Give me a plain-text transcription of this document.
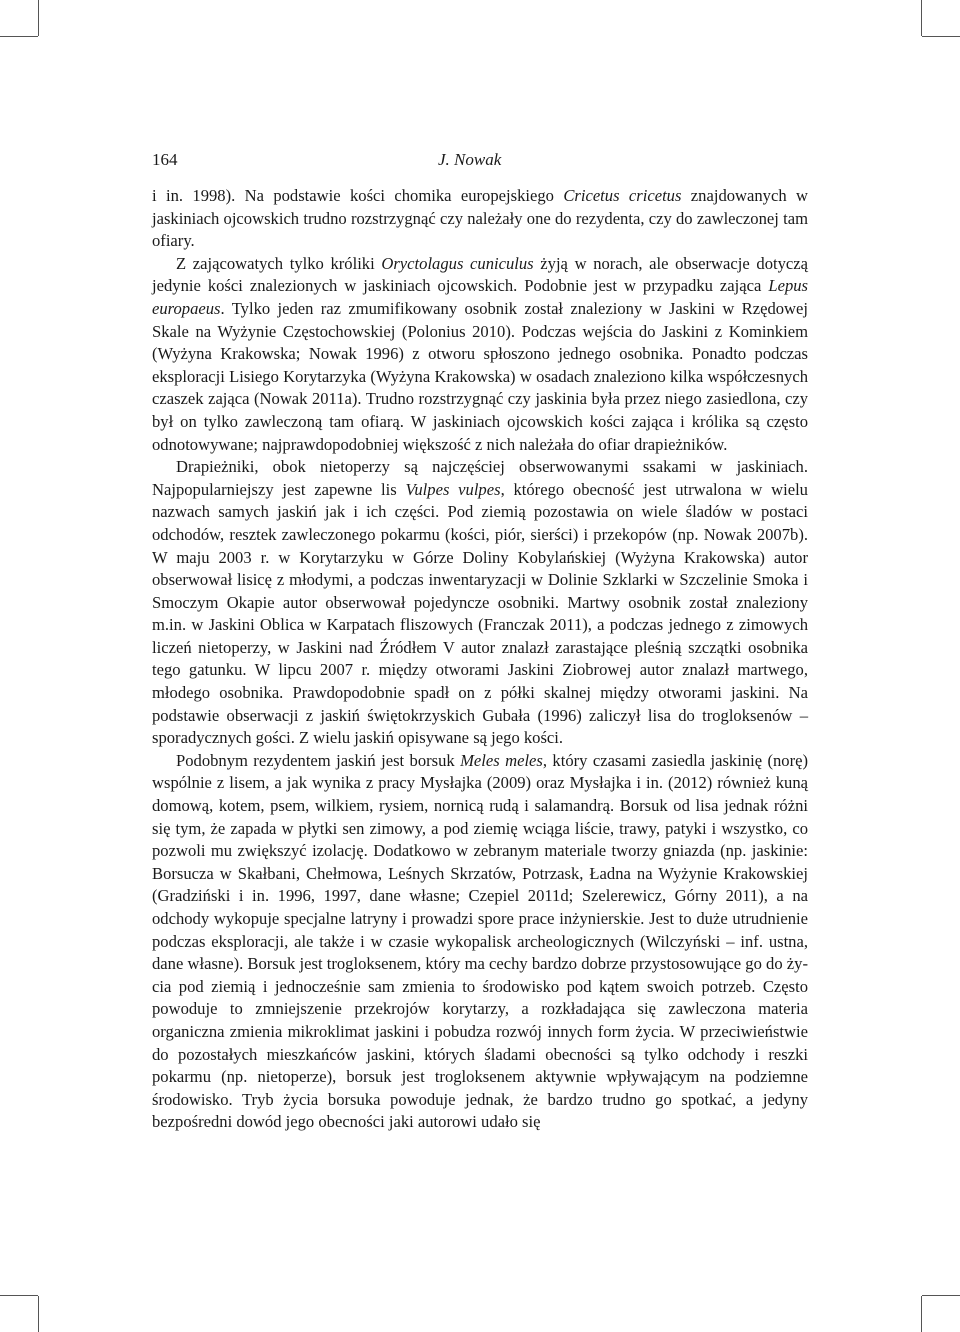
164	J. Nowak

i in. 1998). Na podstawie kości chomika europejskiego Cricetus cricetus znajdowanych w jaskiniach ojcowskich trudno rozstrzygnąć czy należały one do rezydenta, czy do zawleczonej tam ofiary.

Z zającowatych tylko króliki Oryctolagus cuniculus żyją w norach, ale obserwacje dotyczą jedynie kości znalezionych w jaskiniach ojcowskich. Podobnie jest w przypadku zająca Lepus europaeus. Tylko jeden raz zmumifikowany osobnik został znaleziony w Jaskini w Rzędowej Skale na Wyżynie Częstochowskiej (Polonius 2010). Podczas wejścia do Jaskini z Kominkiem (Wyżyna Krakowska; Nowak 1996) z otworu spłoszono jednego osobnika. Ponadto podczas eksploracji Lisiego Korytarzyka (Wyżyna Krakowska) w osadach znaleziono kilka współczesnych czaszek zająca (Nowak 2011a). Trudno rozstrzygnąć czy jaskinia była przez niego zasiedlona, czy był on tylko zawleczoną tam ofiarą. W jaskiniach ojcowskich kości zająca i królika są często odnotowywane; najprawdopodobniej większość z nich należała do ofiar drapieżników.

Drapieżniki, obok nietoperzy są najczęściej obserwowanymi ssakami w jaskiniach. Najpopularniejszy jest zapewne lis Vulpes vulpes, którego obecność jest utrwalona w wielu nazwach samych jaskiń jak i ich części. Pod ziemią pozostawia on wiele śladów w postaci odchodów, resztek zawleczonego pokarmu (kości, piór, sierści) i przekopów (np. Nowak 2007b). W maju 2003 r. w Korytarzyku w Górze Doliny Kobylańskiej (Wyżyna Krakowska) autor obserwował lisicę z młodymi, a podczas inwentaryzacji w Dolinie Szklarki w Szczelinie Smoka i Smoczym Okapie autor obserwował pojedyncze osobniki. Martwy osobnik został znaleziony m.in. w Jaskini Oblica w Karpatach fliszowych (Franczak 2011), a podczas jednego z zimowych liczeń nietoperzy, w Jaskini nad Źródłem V autor znalazł zarastające pleśnią szczątki osobnika tego gatunku. W lipcu 2007 r. między otworami Jaskini Ziobrowej autor znalazł martwego, młodego osobnika. Prawdopodobnie spadł on z półki skalnej między otworami jaskini. Na podstawie obserwacji z jaskiń świętokrzyskich Gubała (1996) zaliczył lisa do trogloksenów – sporadycznych gości. Z wielu jaskiń opisywane są jego kości.

Podobnym rezydentem jaskiń jest borsuk Meles meles, który czasami zasiedla jaskinię (norę) wspólnie z lisem, a jak wynika z pracy Mysłajka (2009) oraz Mysłajka i in. (2012) również kuną domową, kotem, psem, wilkiem, rysiem, nornicą rudą i salamandrą. Borsuk od lisa jednak różni się tym, że zapada w płytki sen zimowy, a pod ziemię wciąga liście, trawy, patyki i wszystko, co pozwoli mu zwiększyć izolację. Dodatkowo w zebranym materiale tworzy gniazda (np. jaskinie: Borsucza w Skałbani, Chełmowa, Leśnych Skrzatów, Potrzask, Ładna na Wyżynie Krakowskiej (Gradziński i in. 1996, 1997, dane własne; Czepiel 2011d; Szelerewicz, Górny 2011), a na odchody wykopuje specjalne latryny i prowadzi spore prace inżynierskie. Jest to duże utrudnienie podczas eksploracji, ale także i w czasie wykopalisk archeologicznych (Wilczyński – inf. ustna, dane własne). Borsuk jest trogloksenem, który ma cechy bardzo dobrze przystosowujące go do życia pod ziemią i jednocześnie sam zmienia to środowisko pod kątem swoich potrzeb. Często powoduje to zmniejszenie przekrojów korytarzy, a rozkładająca się zawleczona materia organiczna zmienia mikroklimat jaskini i pobudza rozwój innych form życia. W przeciwieństwie do pozostałych mieszkańców jaskini, których śladami obecności są tylko odchody i reszki pokarmu (np. nietoperze), borsuk jest trogloksenem aktywnie wpływającym na podziemne środowisko. Tryb życia borsuka powoduje jednak, że bardzo trudno go spotkać, a jedyny bezpośredni dowód jego obecności jaki autorowi udało się
